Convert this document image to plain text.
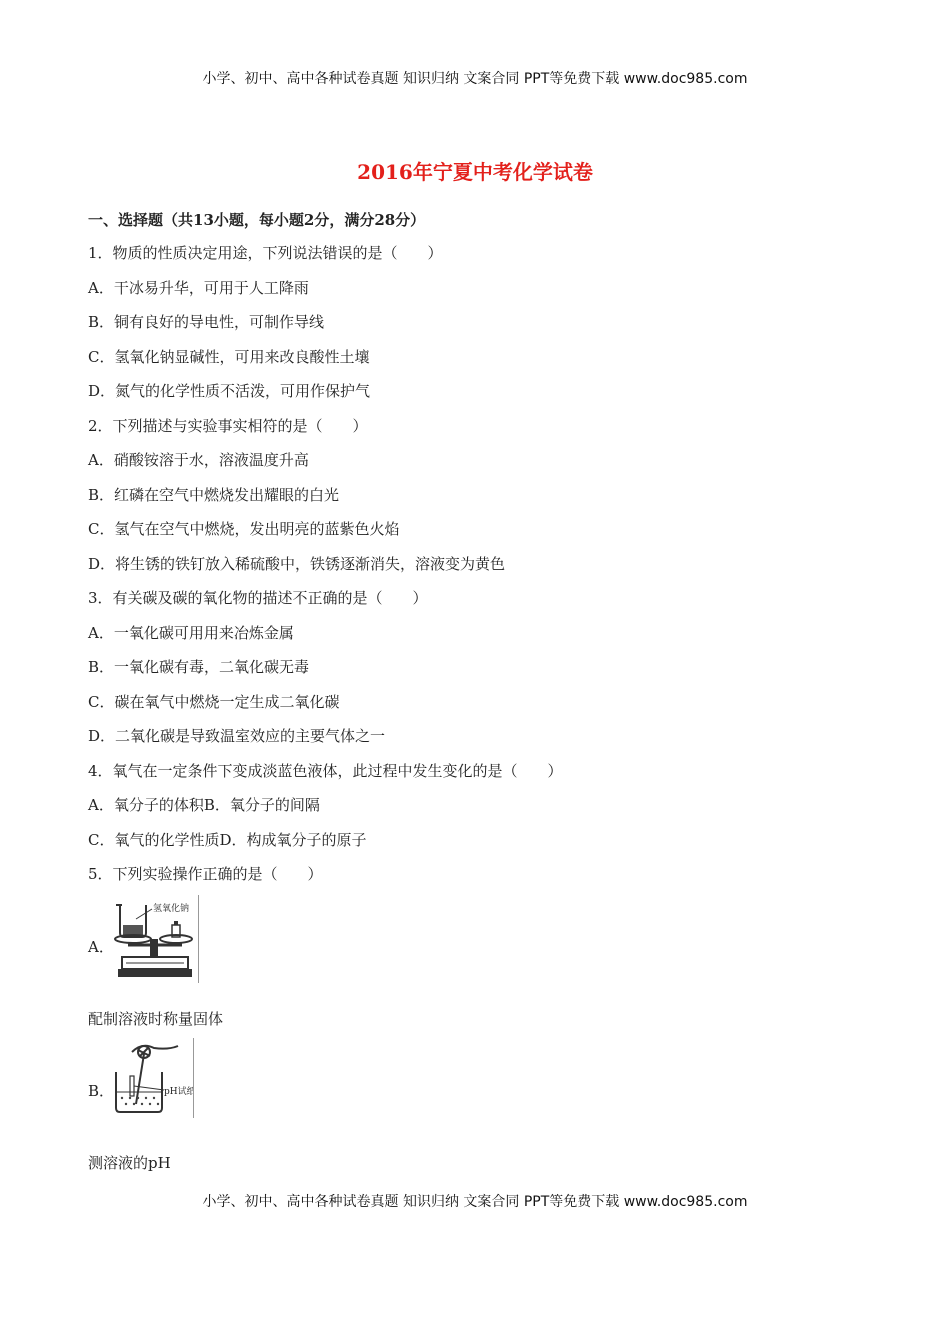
小学、初中、高中各种试卷真题 知识归纳 文案合同 PPT等免费下载 www.doc985.com
2016年宁夏中考化学试卷
一、选择题（共13小题，每小题2分，满分28分）
1．物质的性质决定用途，下列说法错误的是（　　）
A．干冰易升华，可用于人工降雨
B．铜有良好的导电性，可制作导线
C．氢氧化钠显碱性，可用来改良酸性土壤
D．氮气的化学性质不活泼，可用作保护气
2．下列描述与实验事实相符的是（　　）
A．硝酸铵溶于水，溶液温度升高
B．红磷在空气中燃烧发出耀眼的白光
C．氢气在空气中燃烧，发出明亮的蓝紫色火焰
D．将生锈的铁钉放入稀硫酸中，铁锈逐渐消失，溶液变为黄色
3．有关碳及碳的氧化物的描述不正确的是（　　）
A．一氧化碳可用用来冶炼金属
B．一氧化碳有毒，二氧化碳无毒
C．碳在氧气中燃烧一定生成二氧化碳
D．二氧化碳是导致温室效应的主要气体之一
4．氧气在一定条件下变成淡蓝色液体，此过程中发生变化的是（　　）
A．氧分子的体积B．氧分子的间隔
C．氧气的化学性质D．构成氧分子的原子
5．下列实验操作正确的是（　　）
A．
氢氧化钠
配制溶液时称量固体
B．	pH试纸
测溶液的pH
小学、初中、高中各种试卷真题 知识归纳 文案合同 PPT等免费下载 www.doc985.com
